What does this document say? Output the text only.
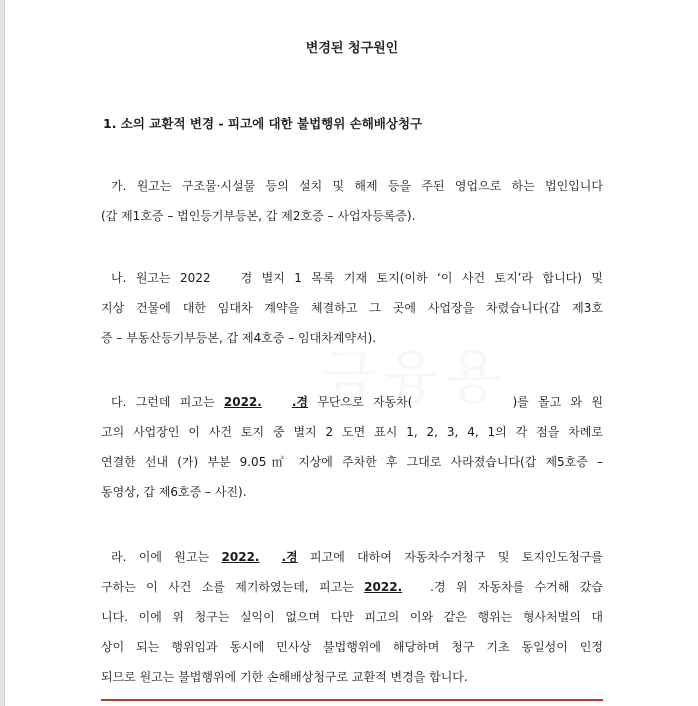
변경된 청구원인
1. 소의 교환적 변경 - 피고에 대한 불법행위 손해배상청구
가. 원고는 구조물·시설물 등의 설치 및 해제 등을 주된 영업으로 하는 법인입니다
(갑 제1호증 – 법인등기부등본, 갑 제2호증 – 사업자등록증).
나. 원고는 2022	경 별지 1 목록 기재 토지(이하 ‘이 사건 토지’라 합니다) 및
지상 건물에 대한 임대차 계약을 체결하고 그 곳에 사업장을 차렸습니다(갑 제3호
증 – 부동산등기부등본, 갑 제4호증 – 임대차계약서).
다. 그런데 피고는 2022.	.경 무단으로 자동차(	)를 몰고 와 원
고의 사업장인 이 사건 토지 중 별지 2 도면 표시 1, 2, 3, 4, 1의 각 점을 차례로
연결한 선내 (가) 부분 9.05㎡ 지상에 주차한 후 그대로 사라졌습니다(갑 제5호증 –
동영상, 갑 제6호증 – 사진).
라. 이에 원고는 2022. .경 피고에 대하여 자동차수거청구 및 토지인도청구를
구하는 이 사건 소를 제기하였는데, 피고는 2022. .경 위 자동차를 수거해 갔습
니다. 이에 위 청구는 실익이 없으며 다만 피고의 이와 같은 행위는 형사처벌의 대
상이 되는 행위임과 동시에 민사상 불법행위에 해당하며 청구 기초 동일성이 인정
되므로 원고는 불법행위에 기한 손해배상청구로 교환적 변경을 합니다.
